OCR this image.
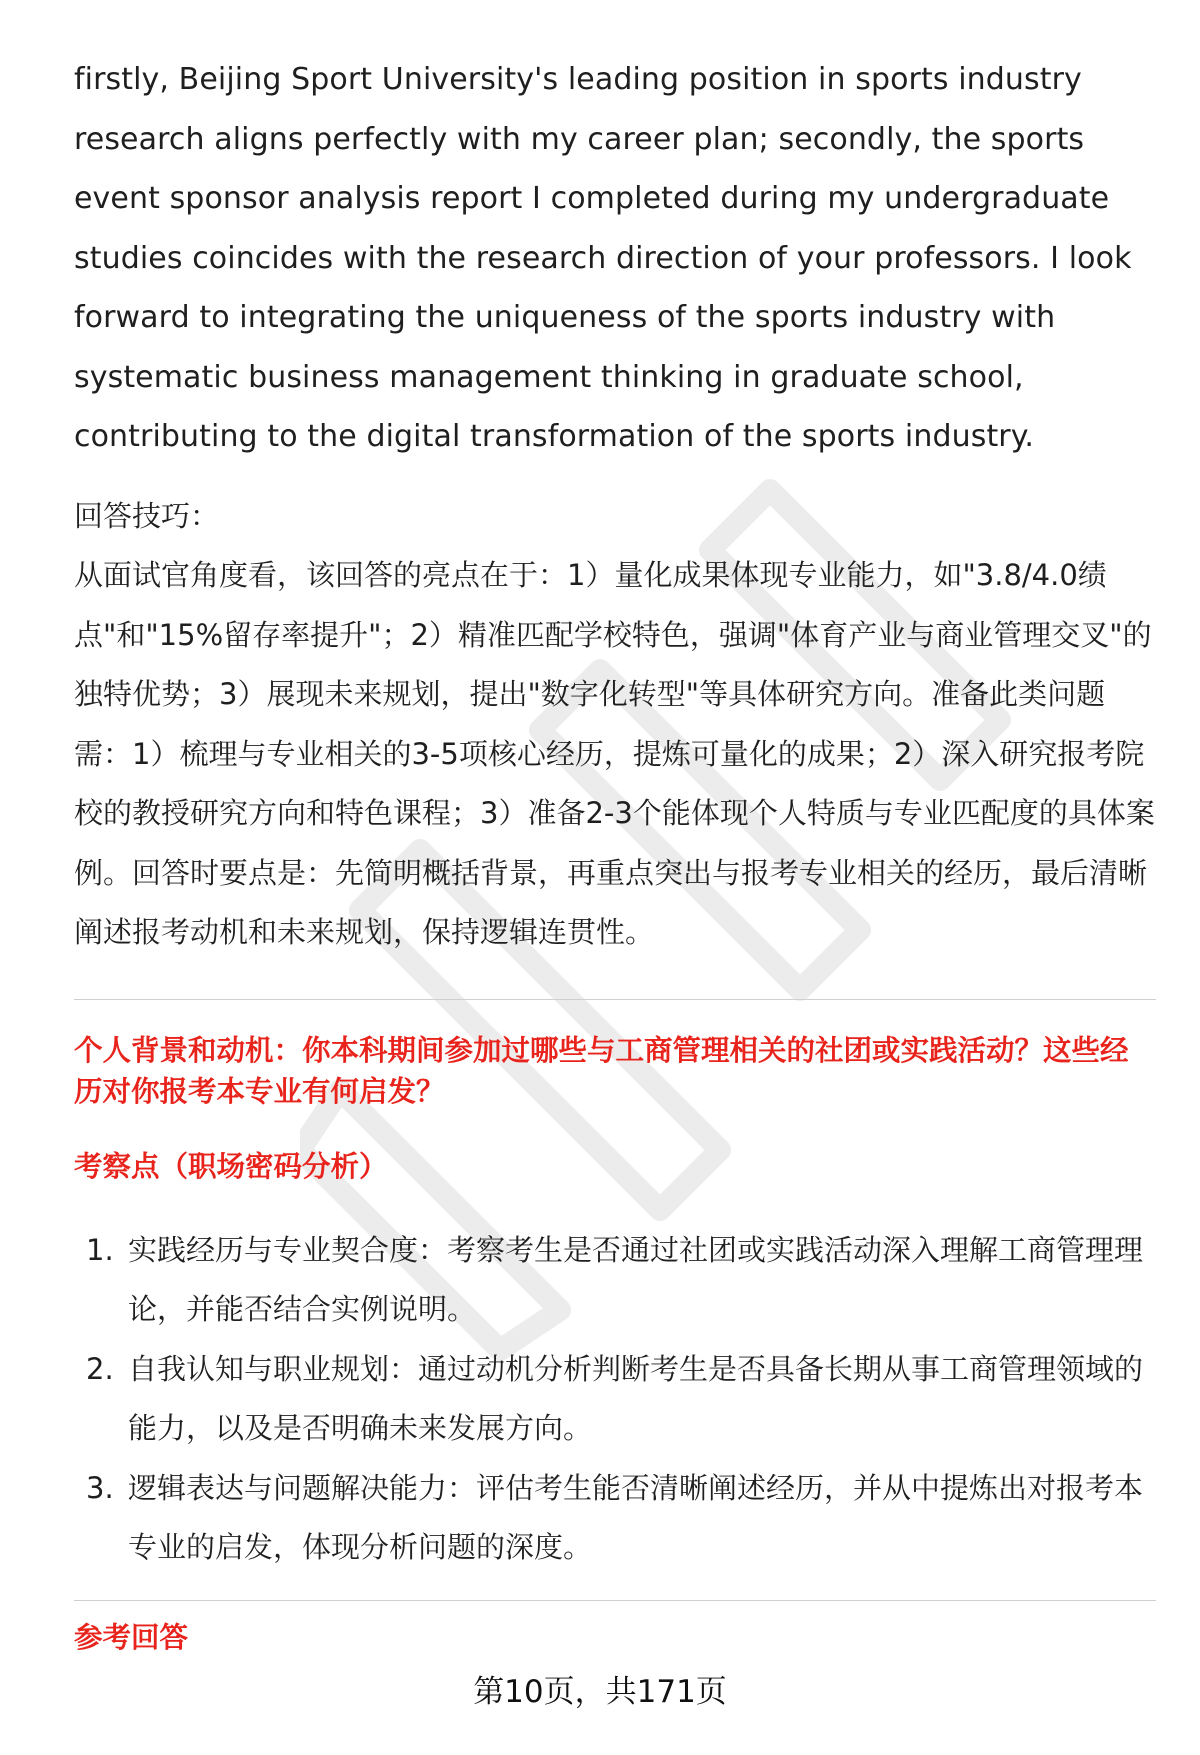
firstly, Beijing Sport University's leading position in sports industry research aligns perfectly with my career plan; secondly, the sports event sponsor analysis report I completed during my undergraduate studies coincides with the research direction of your professors. I look forward to integrating the uniqueness of the sports industry with systematic business management thinking in graduate school, contributing to the digital transformation of the sports industry.

回答技巧：

从面试官角度看，该回答的亮点在于：1）量化成果体现专业能力，如"3.8/4.0绩点"和"15%留存率提升"；2）精准匹配学校特色，强调"体育产业与商业管理交叉"的独特优势；3）展现未来规划，提出"数字化转型"等具体研究方向。准备此类问题需：1）梳理与专业相关的3-5项核心经历，提炼可量化的成果；2）深入研究报考院校的教授研究方向和特色课程；3）准备2-3个能体现个人特质与专业匹配度的具体案例。回答时要点是：先简明概括背景，再重点突出与报考专业相关的经历，最后清晰阐述报考动机和未来规划，保持逻辑连贯性。

个人背景和动机：你本科期间参加过哪些与工商管理相关的社团或实践活动？这些经历对你报考本专业有何启发？

考察点（职场密码分析）

1. 实践经历与专业契合度：考察考生是否通过社团或实践活动深入理解工商管理理论，并能否结合实例说明。
2. 自我认知与职业规划：通过动机分析判断考生是否具备长期从事工商管理领域的能力，以及是否明确未来发展方向。
3. 逻辑表达与问题解决能力：评估考生能否清晰阐述经历，并从中提炼出对报考本专业的启发，体现分析问题的深度。

参考回答

第10页，共171页
